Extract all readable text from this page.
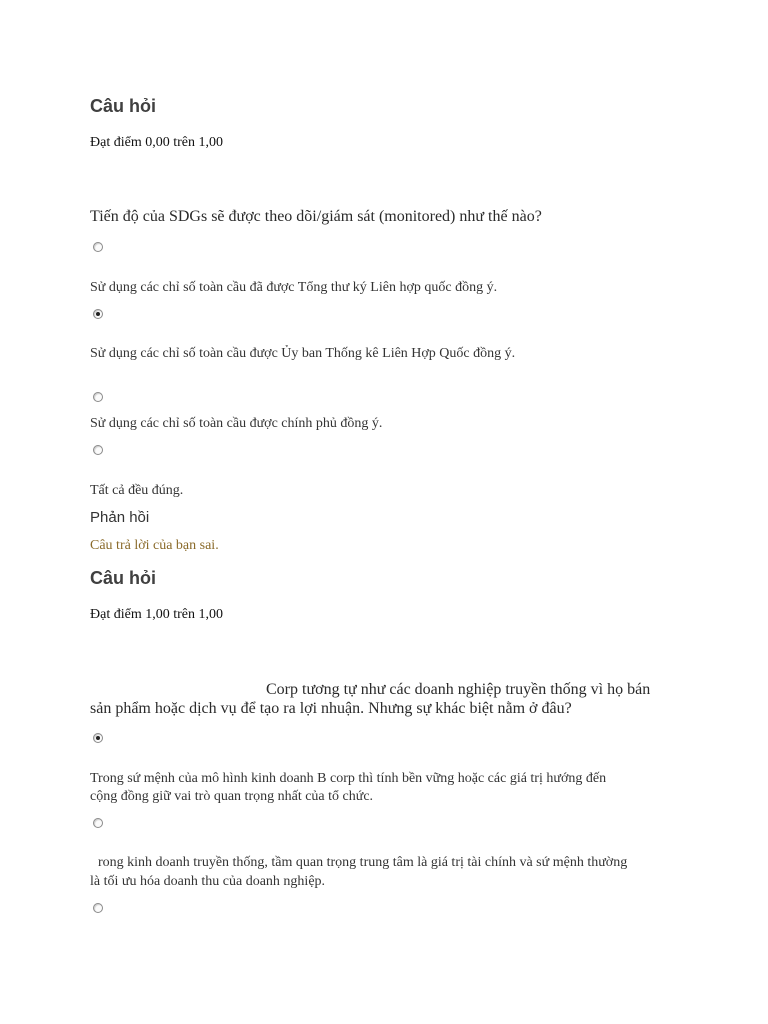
Câu hỏi
Đạt điểm 0,00 trên 1,00
Tiến độ của SDGs sẽ được theo dõi/giám sát (monitored) như thế nào?
Sử dụng các chỉ số toàn cầu đã được Tổng thư ký Liên hợp quốc đồng ý.
Sử dụng các chỉ số toàn cầu được Ủy ban Thống kê Liên Hợp Quốc đồng ý.
Sử dụng các chỉ số toàn cầu được chính phủ đồng ý.
Tất cả đều đúng.
Phản hồi
Câu trả lời của bạn sai.
Câu hỏi
Đạt điểm 1,00 trên 1,00
Corp tương tự như các doanh nghiệp truyền thống vì họ bán
sản phẩm hoặc dịch vụ để tạo ra lợi nhuận. Nhưng sự khác biệt nằm ở đâu?
Trong sứ mệnh của mô hình kinh doanh B corp thì tính bền vững hoặc các giá trị hướng đến
cộng đồng giữ vai trò quan trọng nhất của tổ chức.
rong kinh doanh truyền thống, tầm quan trọng trung tâm là giá trị tài chính và sứ mệnh thường
là tối ưu hóa doanh thu của doanh nghiệp.
